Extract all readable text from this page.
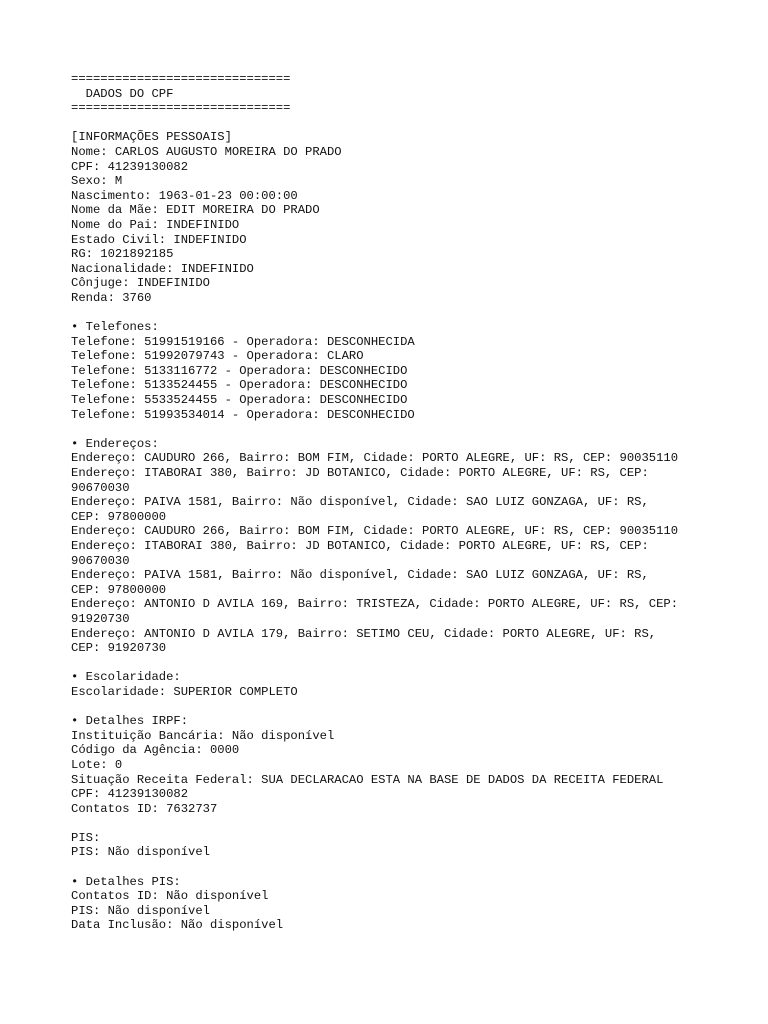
==============================
DADOS DO CPF
==============================
[INFORMAÇÕES PESSOAIS]
Nome: CARLOS AUGUSTO MOREIRA DO PRADO
CPF: 41239130082
Sexo: M
Nascimento: 1963-01-23 00:00:00
Nome da Mãe: EDIT MOREIRA DO PRADO
Nome do Pai: INDEFINIDO
Estado Civil: INDEFINIDO
RG: 1021892185
Nacionalidade: INDEFINIDO
Cônjuge: INDEFINIDO
Renda: 3760
• Telefones:
Telefone: 51991519166 - Operadora: DESCONHECIDA
Telefone: 51992079743 - Operadora: CLARO
Telefone: 5133116772 - Operadora: DESCONHECIDO
Telefone: 5133524455 - Operadora: DESCONHECIDO
Telefone: 5533524455 - Operadora: DESCONHECIDO
Telefone: 51993534014 - Operadora: DESCONHECIDO
• Endereços:
Endereço: CAUDURO 266, Bairro: BOM FIM, Cidade: PORTO ALEGRE, UF: RS, CEP: 90035110
Endereço: ITABORAI 380, Bairro: JD BOTANICO, Cidade: PORTO ALEGRE, UF: RS, CEP:
90670030
Endereço: PAIVA 1581, Bairro: Não disponível, Cidade: SAO LUIZ GONZAGA, UF: RS,
CEP: 97800000
Endereço: CAUDURO 266, Bairro: BOM FIM, Cidade: PORTO ALEGRE, UF: RS, CEP: 90035110
Endereço: ITABORAI 380, Bairro: JD BOTANICO, Cidade: PORTO ALEGRE, UF: RS, CEP:
90670030
Endereço: PAIVA 1581, Bairro: Não disponível, Cidade: SAO LUIZ GONZAGA, UF: RS,
CEP: 97800000
Endereço: ANTONIO D AVILA 169, Bairro: TRISTEZA, Cidade: PORTO ALEGRE, UF: RS, CEP:
91920730
Endereço: ANTONIO D AVILA 179, Bairro: SETIMO CEU, Cidade: PORTO ALEGRE, UF: RS,
CEP: 91920730
• Escolaridade:
Escolaridade: SUPERIOR COMPLETO
• Detalhes IRPF:
Instituição Bancária: Não disponível
Código da Agência: 0000
Lote: 0
Situação Receita Federal: SUA DECLARACAO ESTA NA BASE DE DADOS DA RECEITA FEDERAL
CPF: 41239130082
Contatos ID: 7632737
PIS:
PIS: Não disponível
• Detalhes PIS:
Contatos ID: Não disponível
PIS: Não disponível
Data Inclusão: Não disponível
